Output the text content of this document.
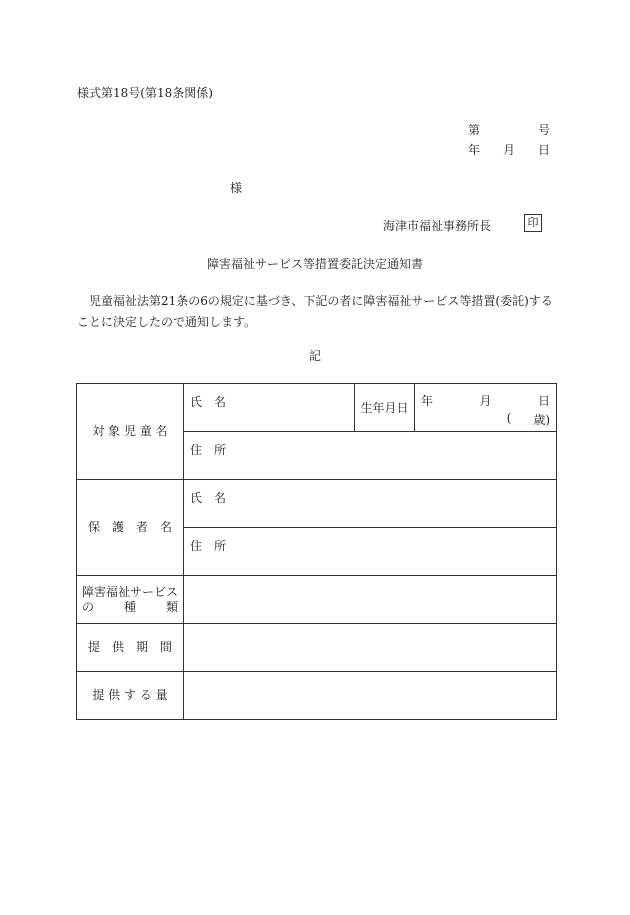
様式第18号(第18条関係)
第	号
年 月 日
様
海津市福祉事務所長	印
障害福祉サービス等措置委託決定通知書

児童福祉法第21条の6の規定に基づき、下記の者に障害福祉サービス等措置(委託)することに決定したので通知します。

記
対 象 児 童 名	氏　名	生年月日	年 月 日
( 歳)

	住　所		
保　護　者　名	氏　名		
	住　所		

障害福祉サービス
の 種 類			

提　供　期　間			
提 供 す る 量			
